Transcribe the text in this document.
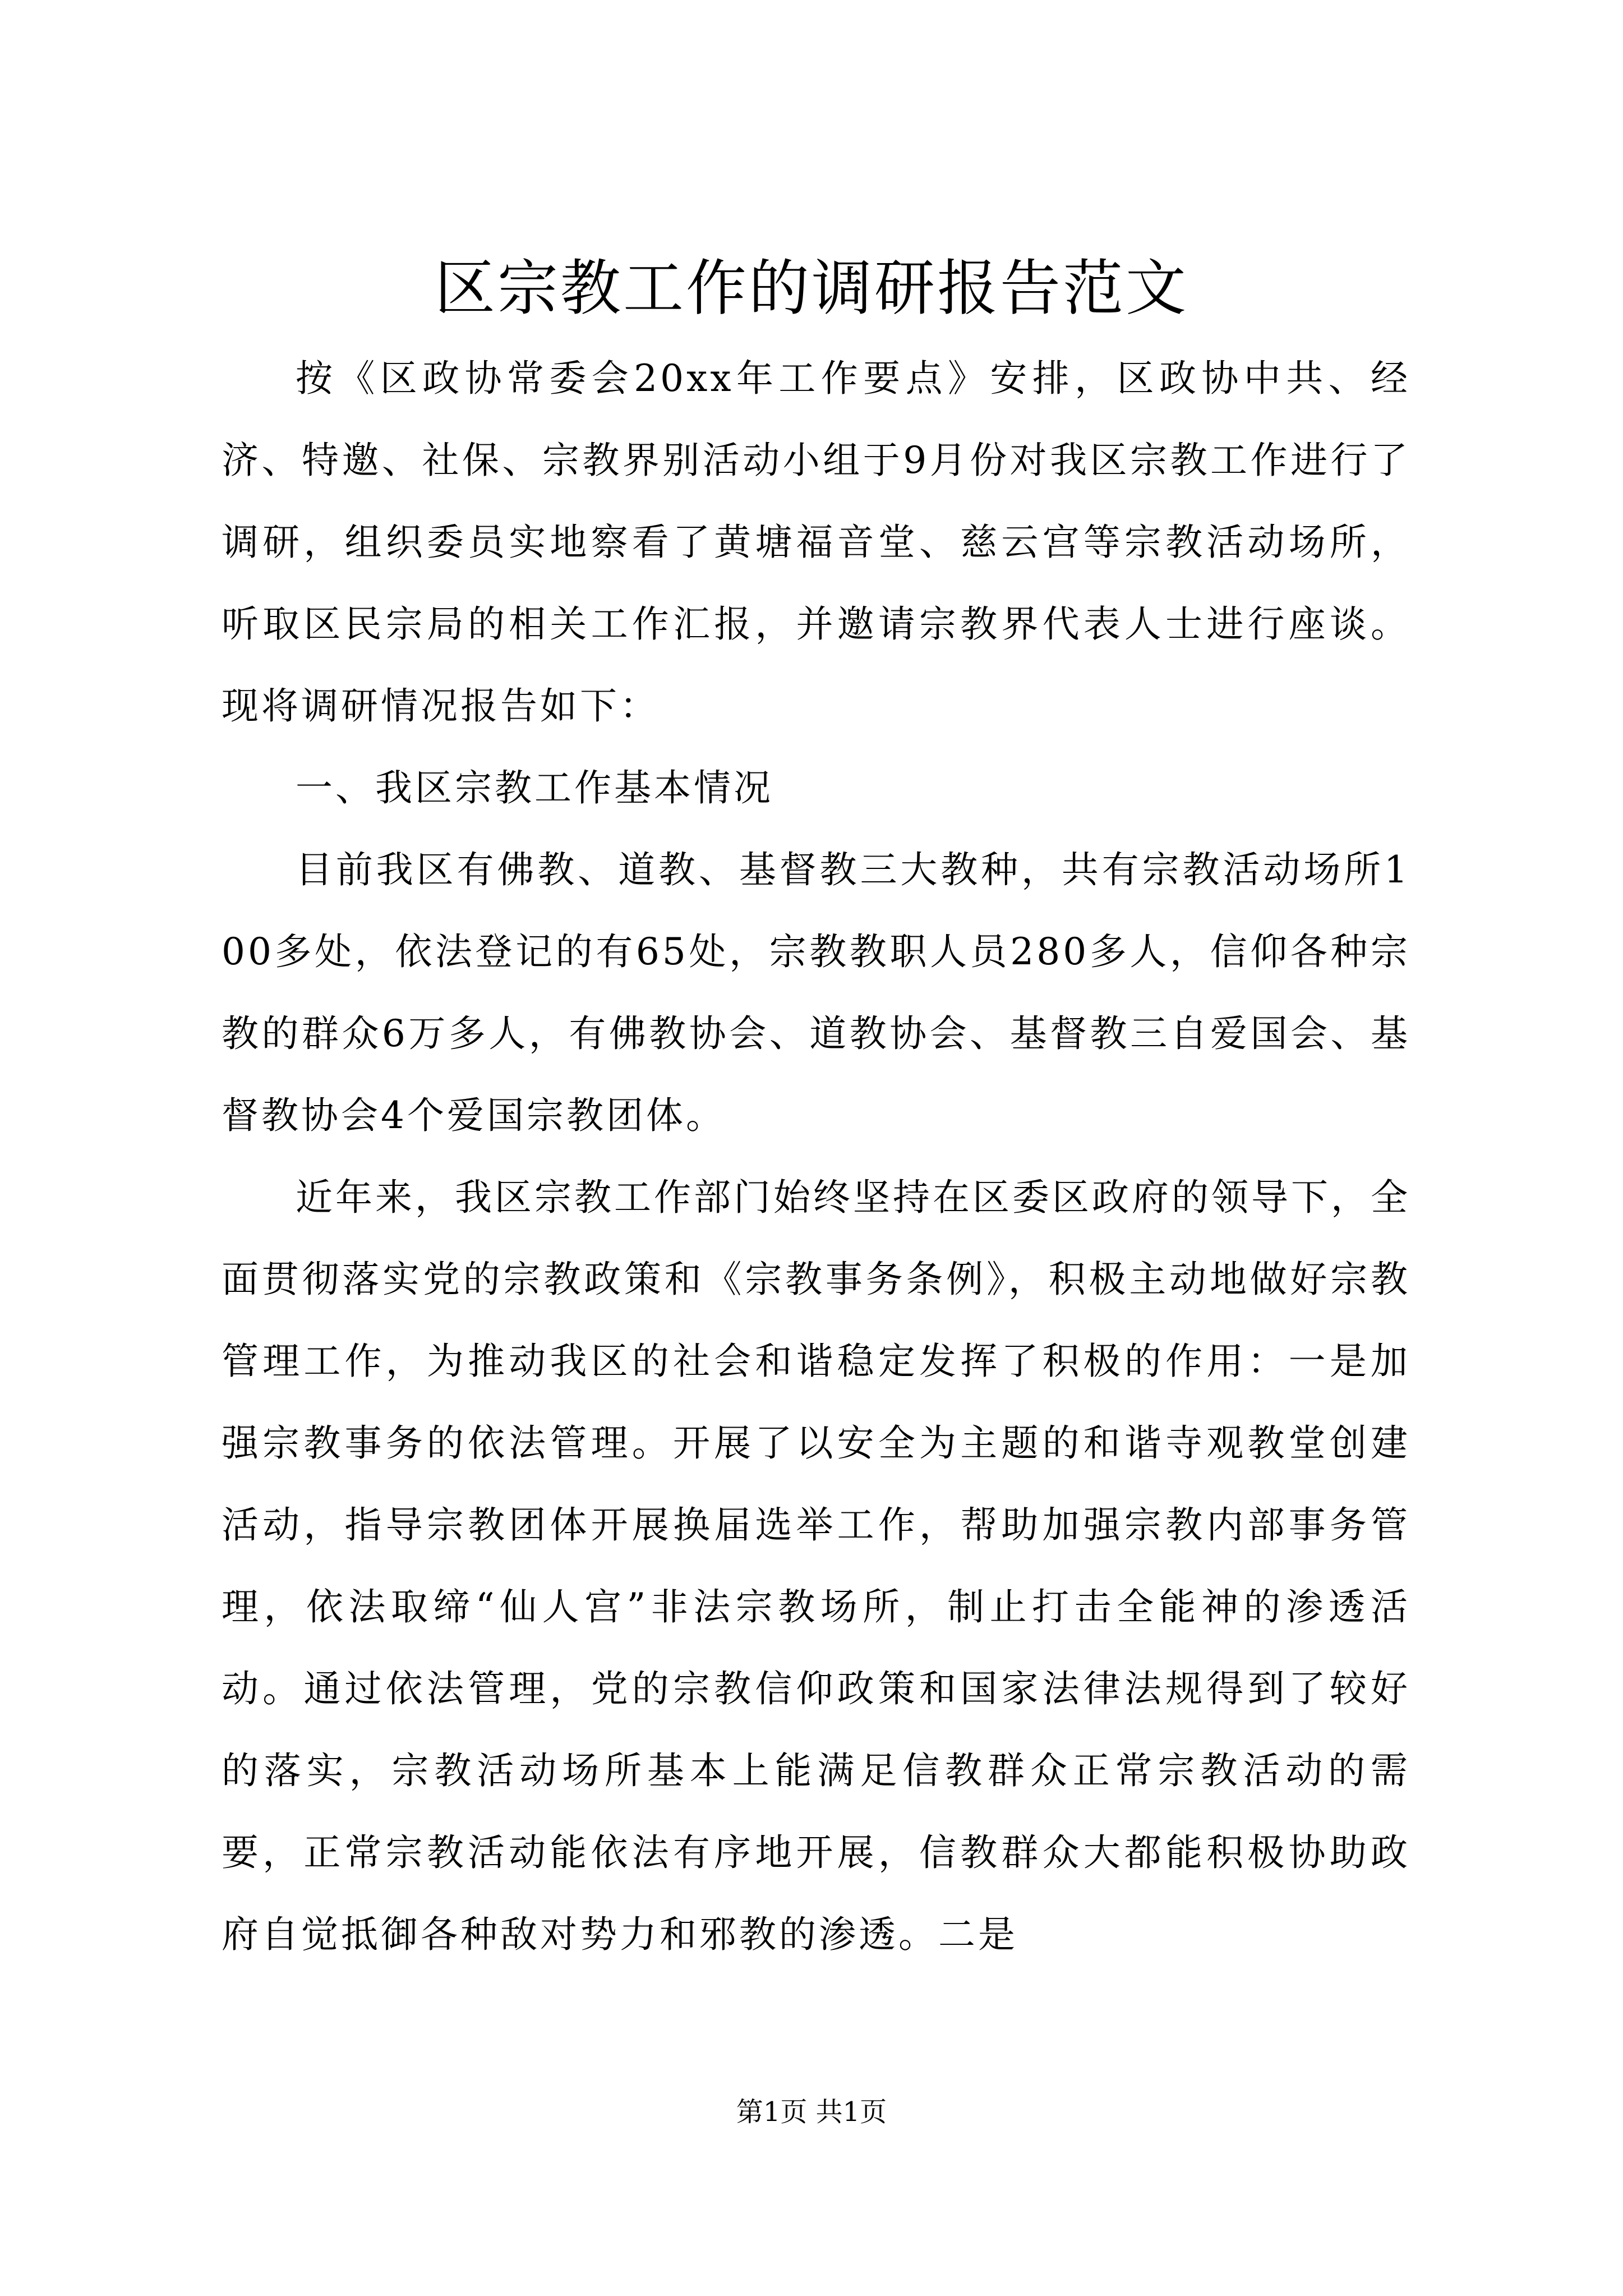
区宗教工作的调研报告范文

按《区政协常委会20xx年工作要点》安排，区政协中共、经济、特邀、社保、宗教界别活动小组于9月份对我区宗教工作进行了调研，组织委员实地察看了黄塘福音堂、慈云宫等宗教活动场所，听取区民宗局的相关工作汇报，并邀请宗教界代表人士进行座谈。现将调研情况报告如下：

一、我区宗教工作基本情况

目前我区有佛教、道教、基督教三大教种，共有宗教活动场所100多处，依法登记的有65处，宗教教职人员280多人，信仰各种宗教的群众6万多人，有佛教协会、道教协会、基督教三自爱国会、基督教协会4个爱国宗教团体。

近年来，我区宗教工作部门始终坚持在区委区政府的领导下，全面贯彻落实党的宗教政策和《宗教事务条例》，积极主动地做好宗教管理工作，为推动我区的社会和谐稳定发挥了积极的作用：一是加强宗教事务的依法管理。开展了以安全为主题的和谐寺观教堂创建活动，指导宗教团体开展换届选举工作，帮助加强宗教内部事务管理，依法取缔“仙人宫”非法宗教场所，制止打击全能神的渗透活动。通过依法管理，党的宗教信仰政策和国家法律法规得到了较好的落实，宗教活动场所基本上能满足信教群众正常宗教活动的需要，正常宗教活动能依法有序地开展，信教群众大都能积极协助政府自觉抵御各种敌对势力和邪教的渗透。二是

第1页 共1页
